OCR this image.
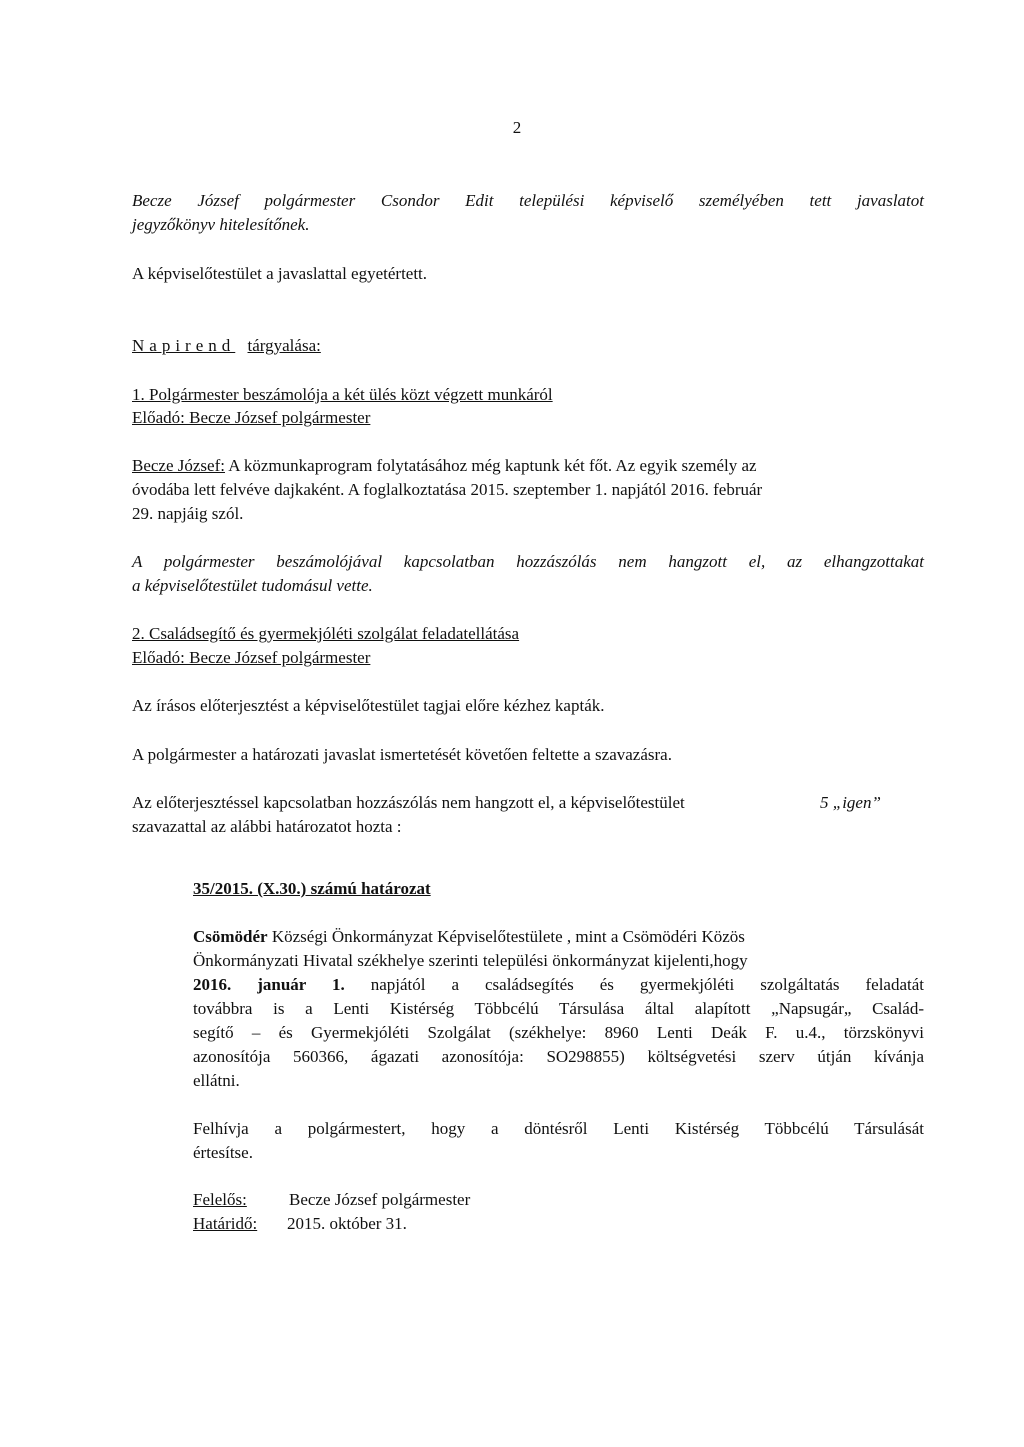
2
Becze József polgármester Csondor Edit települési képviselő személyében tett javaslatot
jegyzőkönyv hitelesítőnek.
A képviselőtestület a javaslattal egyetértett.
Napirend tárgyalása:
1. Polgármester beszámolója a két ülés közt végzett munkáról
Előadó: Becze József polgármester
Becze József: A közmunkaprogram folytatásához még kaptunk két főt. Az egyik személy az
óvodába lett felvéve dajkaként. A foglalkoztatása 2015. szeptember 1. napjától 2016. február
29. napjáig szól.
A polgármester beszámolójával kapcsolatban hozzászólás nem hangzott el, az elhangzottakat
a képviselőtestület tudomásul vette.
2. Családsegítő és gyermekjóléti szolgálat feladatellátása
Előadó: Becze József polgármester
Az írásos előterjesztést a képviselőtestület tagjai előre kézhez kapták.
A polgármester a határozati javaslat ismertetését követően feltette a szavazásra.
Az előterjesztéssel kapcsolatban hozzászólás nem hangzott el, a képviselőtestület	5 „igen”
szavazattal az alábbi határozatot hozta :
35/2015. (X.30.) számú határozat
Csömödér Községi Önkormányzat Képviselőtestülete , mint a Csömödéri Közös
Önkormányzati Hivatal székhelye szerinti települési önkormányzat kijelenti,hogy
2016. január 1. napjától a családsegítés és gyermekjóléti szolgáltatás feladatát
továbbra is a Lenti Kistérség Többcélú Társulása által alapított „Napsugár„ Család-
segítő – és Gyermekjóléti Szolgálat (székhelye: 8960 Lenti Deák F. u.4., törzskönyvi
azonosítója 560366, ágazati azonosítója: SO298855) költségvetési szerv útján kívánja
ellátni.
Felhívja a polgármestert, hogy a döntésről Lenti Kistérség Többcélú Társulását
értesítse.
Felelős: Becze József polgármester
Határidő: 2015. október 31.
